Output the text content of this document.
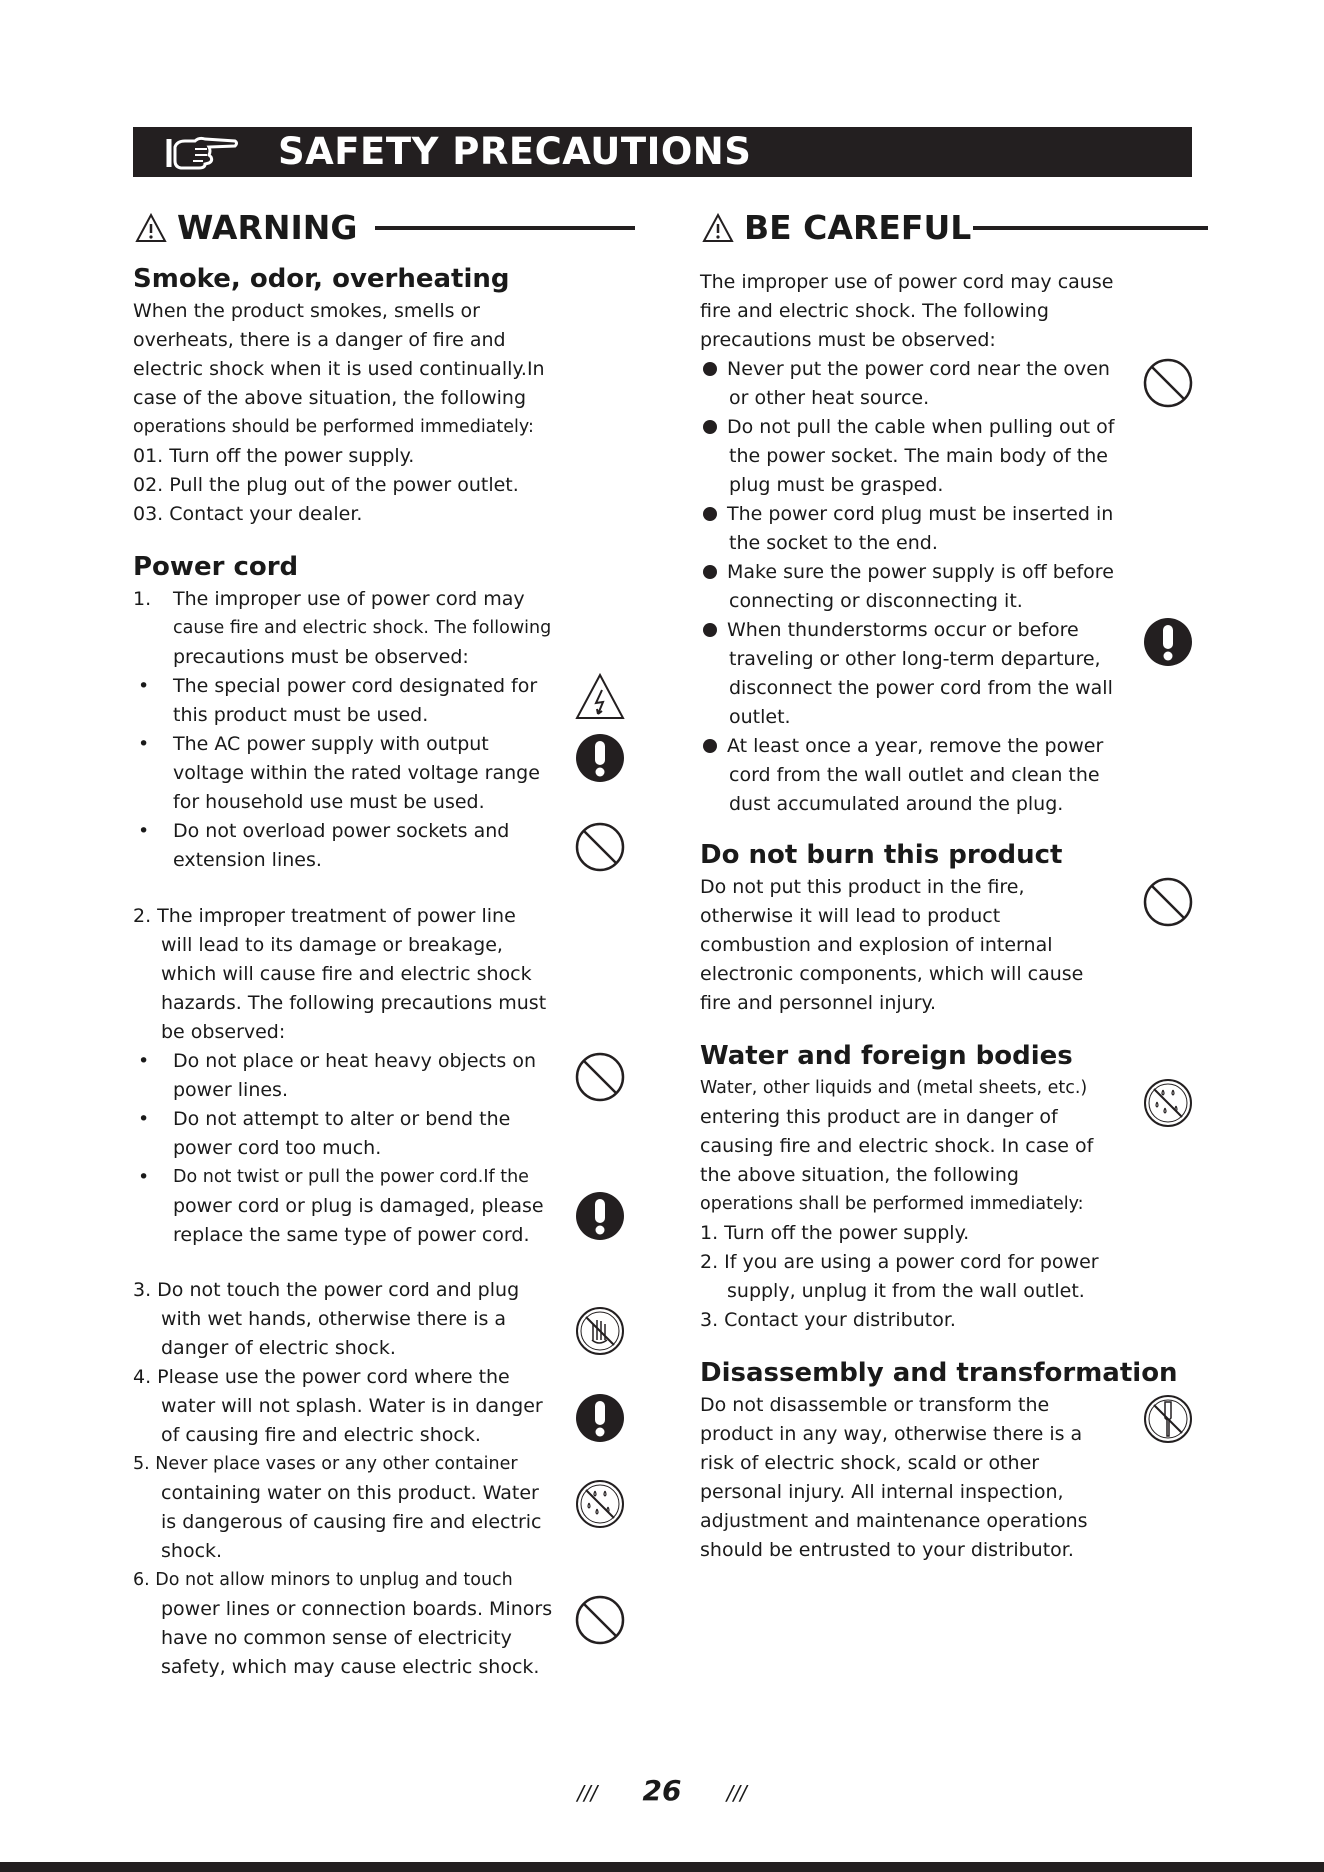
SAFETY PRECAUTIONS
WARNING
Smoke, odor, overheating
When the product smokes, smells or
overheats, there is a danger of fire and
electric shock when it is used continually.In
case of the above situation, the following
operations should be performed immediately:
01. Turn off the power supply.
02. Pull the plug out of the power outlet.
03. Contact your dealer.
Power cord
1. The improper use of power cord may
cause fire and electric shock. The following
precautions must be observed:
• The special power cord designated for
this product must be used.
• The AC power supply with output
voltage within the rated voltage range
for household use must be used.
• Do not overload power sockets and
extension lines.
2. The improper treatment of power line
will lead to its damage or breakage,
which will cause fire and electric shock
hazards. The following precautions must
be observed:
• Do not place or heat heavy objects on
power lines.
• Do not attempt to alter or bend the
power cord too much.
• Do not twist or pull the power cord.If the
power cord or plug is damaged, please
replace the same type of power cord.
3. Do not touch the power cord and plug
with wet hands, otherwise there is a
danger of electric shock.
4. Please use the power cord where the
water will not splash. Water is in danger
of causing fire and electric shock.
5. Never place vases or any other container
containing water on this product. Water
is dangerous of causing fire and electric
shock.
6. Do not allow minors to unplug and touch
power lines or connection boards. Minors
have no common sense of electricity
safety, which may cause electric shock.
BE CAREFUL
The improper use of power cord may cause
fire and electric shock. The following
precautions must be observed:
Never put the power cord near the oven
or other heat source.
Do not pull the cable when pulling out of
the power socket. The main body of the
plug must be grasped.
The power cord plug must be inserted in
the socket to the end.
Make sure the power supply is off before
connecting or disconnecting it.
When thunderstorms occur or before
traveling or other long-term departure,
disconnect the power cord from the wall
outlet.
At least once a year, remove the power
cord from the wall outlet and clean the
dust accumulated around the plug.
Do not burn this product
Do not put this product in the fire,
otherwise it will lead to product
combustion and explosion of internal
electronic components, which will cause
fire and personnel injury.
Water and foreign bodies
Water, other liquids and (metal sheets, etc.)
entering this product are in danger of
causing fire and electric shock. In case of
the above situation, the following
operations shall be performed immediately:
1. Turn off the power supply.
2. If you are using a power cord for power
supply, unplug it from the wall outlet.
3. Contact your distributor.
Disassembly and transformation
Do not disassemble or transform the
product in any way, otherwise there is a
risk of electric shock, scald or other
personal injury. All internal inspection,
adjustment and maintenance operations
should be entrusted to your distributor.
/// 26 ///
